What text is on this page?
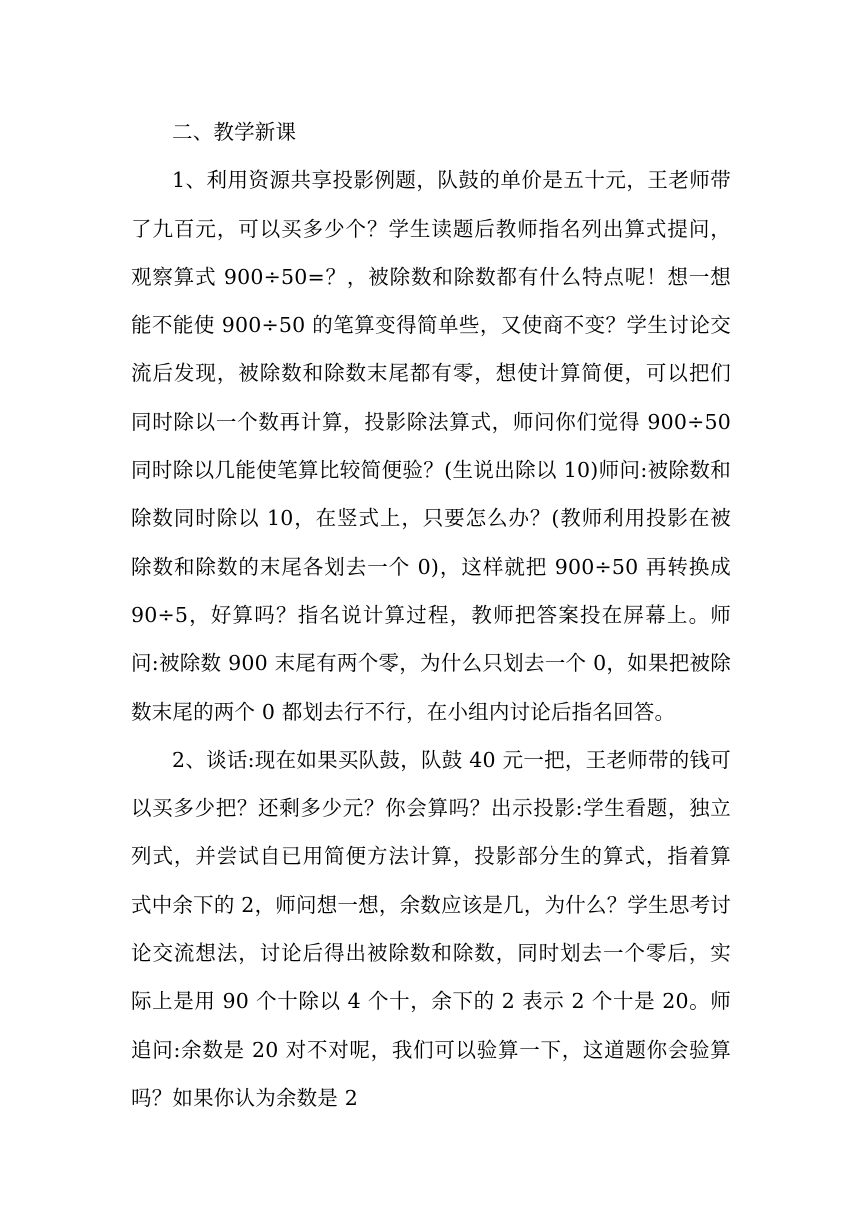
二、教学新课

1、利用资源共享投影例题，队鼓的单价是五十元，王老师带了九百元，可以买多少个？学生读题后教师指名列出算式提问，观察算式 900÷50=？，被除数和除数都有什么特点呢！想一想能不能使 900÷50 的笔算变得简单些，又使商不变？学生讨论交流后发现，被除数和除数末尾都有零，想使计算简便，可以把们同时除以一个数再计算，投影除法算式，师问你们觉得 900÷50 同时除以几能使笔算比较简便验？(生说出除以 10)师问:被除数和除数同时除以 10，在竖式上，只要怎么办？(教师利用投影在被除数和除数的末尾各划去一个 0)，这样就把 900÷50 再转换成 90÷5，好算吗？指名说计算过程，教师把答案投在屏幕上。师问:被除数 900 末尾有两个零，为什么只划去一个 0，如果把被除数末尾的两个 0 都划去行不行，在小组内讨论后指名回答。

2、谈话:现在如果买队鼓，队鼓 40 元一把，王老师带的钱可以买多少把？还剩多少元？你会算吗？出示投影:学生看题，独立列式，并尝试自已用简便方法计算，投影部分生的算式，指着算式中余下的 2，师问想一想，余数应该是几，为什么？学生思考讨论交流想法，讨论后得出被除数和除数，同时划去一个零后，实际上是用 90 个十除以 4 个十，余下的 2 表示 2 个十是 20。师追问:余数是 20 对不对呢，我们可以验算一下，这道题你会验算吗？如果你认为余数是 2
